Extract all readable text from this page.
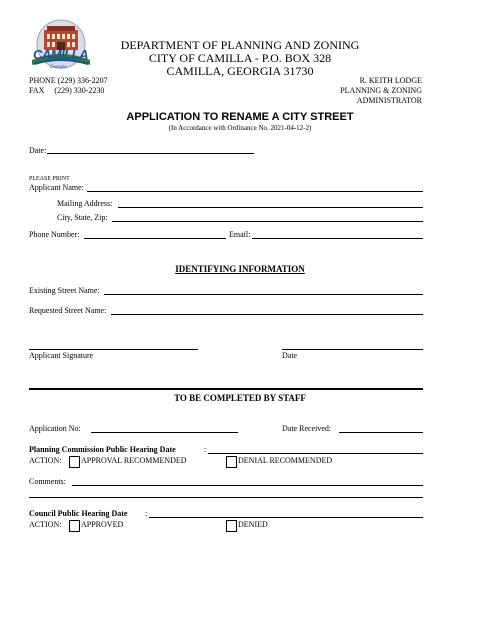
CAMILLA
Georgia
DEPARTMENT OF PLANNING AND ZONING
CITY OF CAMILLA - P.O. BOX 328
CAMILLA, GEORGIA 31730
PHONE (229) 336-2207
FAX     (229) 330-2230
R. KEITH LODGE
PLANNING & ZONING
ADMINISTRATOR
APPLICATION TO RENAME A CITY STREET
(In Accordance with Ordinance No. 2021-04-12-2)
Date:
PLEASE PRINT
Applicant Name:
Mailing Address:
City, State, Zip:
Phone Number:	Email:
IDENTIFYING INFORMATION
Existing Street Name:
Requested Street Name:
Applicant Signature	Date
TO BE COMPLETED BY STAFF
Application No:	Date Received:
Planning Commission Public Hearing Date	:
ACTION: APPROVAL RECOMMENDED	DENIAL RECOMMENDED
Comments:
Council Public Hearing Date :
ACTION: APPROVED	DENIED
